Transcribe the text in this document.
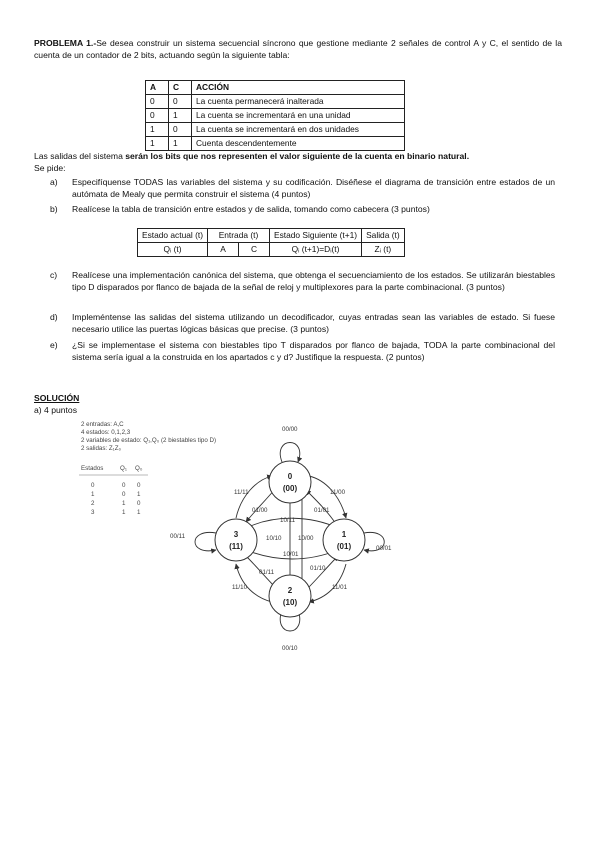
PROBLEMA 1.-Se desea construir un sistema secuencial síncrono que gestione mediante 2 señales de control A y C, el sentido de la cuenta de un contador de 2 bits, actuando según la siguiente tabla:
A	C	ACCIÓN
0	0	La cuenta permanecerá inalterada
0	1	La cuenta se incrementará en una unidad
1	0	La cuenta se incrementará en dos unidades
1	1	Cuenta descendentemente
Las salidas del sistema serán los bits que nos representen el valor siguiente de la cuenta en binario natural.
Se pide:
a)	Especifíquense TODAS las variables del sistema y su codificación. Diséñese el diagrama de transición entre estados de un autómata de Mealy que permita construir el sistema (4 puntos)
b)	Realícese la tabla de transición entre estados y de salida, tomando como cabecera (3 puntos)
Estado actual (t)	Entrada (t)		Estado Siguiente (t+1)	Salida (t)
Qᵢ (t)	A	C	Qᵢ (t+1)=Dᵢ(t)	Zᵢ (t)
c)	Realícese una implementación canónica del sistema, que obtenga el secuenciamiento de los estados. Se utilizarán biestables tipo D disparados por flanco de bajada de la señal de reloj y multiplexores para la parte combinacional. (3 puntos)
d)	Impleméntense las salidas del sistema utilizando un decodificador, cuyas entradas sean las variables de estado. Si fuese necesario utilice las puertas lógicas básicas que precise. (3 puntos)
e)	¿Si se implementase el sistema con biestables tipo T disparados por flanco de bajada, TODA la parte combinacional del sistema sería igual a la construida en los apartados c y d? Justifique la respuesta. (2 puntos)
SOLUCIÓN
a) 4 puntos
2 entradas: A,C
4 estados: 0,1,2,3
2 variables de estado: Q₁,Q₀ (2 biestables tipo D)
2 salidas: Z₁Z₀
Estados	Q₁ Q₀
0	0 0
1	0 1
2	1 0
3	1 1
0
(00)
1
(01)
2
(10)
3
(11)
00/00
00/01
00/10
00/11
11/11	11/00
01/00	01/01
10/11
10/01
10/10	10/00
01/11
01/10
11/10	11/01
